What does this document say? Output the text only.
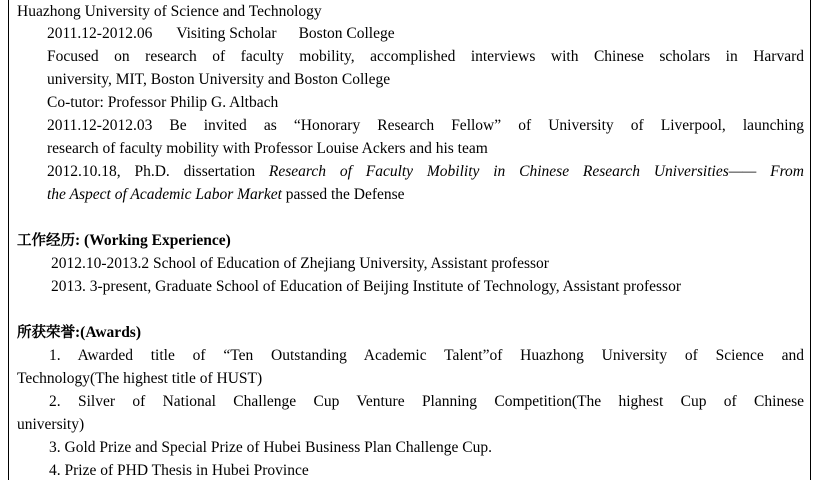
Huazhong University of Science and Technology
2011.12-2012.06 Visiting Scholar Boston College
Focused on research of faculty mobility, accomplished interviews with Chinese scholars in Harvard
university, MIT, Boston University and Boston College
Co-tutor: Professor Philip G. Altbach
2011.12-2012.03 Be invited as “Honorary Research Fellow” of University of Liverpool, launching
research of faculty mobility with Professor Louise Ackers and his team
2012.10.18, Ph.D. dissertation Research of Faculty Mobility in Chinese Research Universities—— From
the Aspect of Academic Labor Market passed the Defense
工作经历: (Working Experience)
2012.10-2013.2 School of Education of Zhejiang University, Assistant professor
2013. 3-present, Graduate School of Education of Beijing Institute of Technology, Assistant professor
所获荣誉:(Awards)
1. Awarded title of “Ten Outstanding Academic Talent”of Huazhong University of Science and
Technology(The highest title of HUST)
2. Silver of National Challenge Cup Venture Planning Competition(The highest Cup of Chinese
university)
3. Gold Prize and Special Prize of Hubei Business Plan Challenge Cup.
4. Prize of PHD Thesis in Hubei Province
